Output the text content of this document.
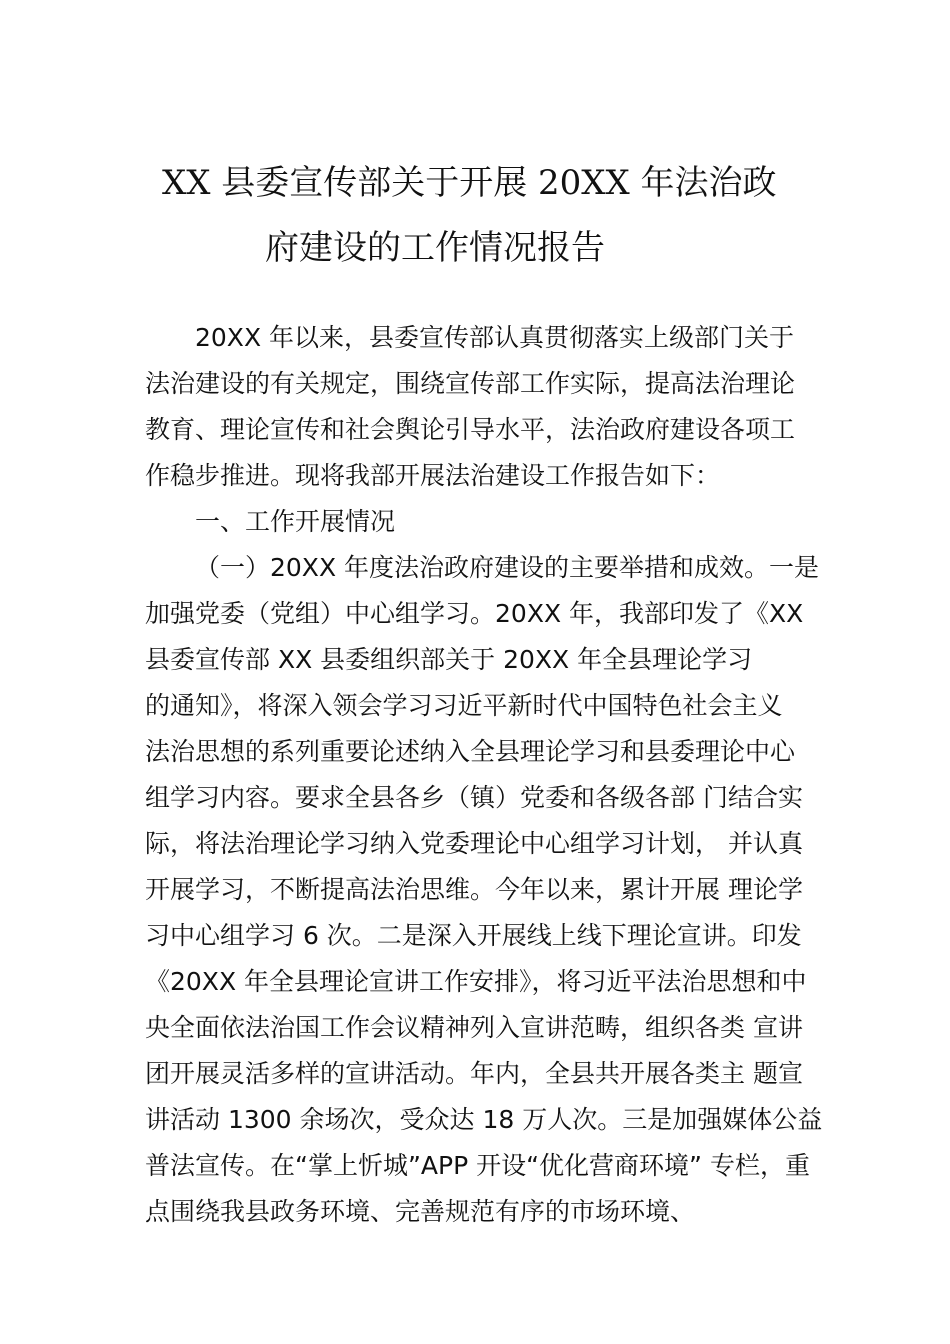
XX 县委宣传部关于开展 20XX 年法治政
府建设的工作情况报告
20XX 年以来，县委宣传部认真贯彻落实上级部门关于
法治建设的有关规定，围绕宣传部工作实际，提高法治理论
教育、理论宣传和社会舆论引导水平，法治政府建设各项工
作稳步推进。现将我部开展法治建设工作报告如下：
一、工作开展情况
（一）20XX 年度法治政府建设的主要举措和成效。一是
加强党委（党组）中心组学习。20XX 年，我部印发了《XX
县委宣传部 XX 县委组织部关于 20XX 年全县理论学习
的通知》，将深入领会学习习近平新时代中国特色社会主义
法治思想的系列重要论述纳入全县理论学习和县委理论中心
组学习内容。要求全县各乡（镇）党委和各级各部 门结合实
际，将法治理论学习纳入党委理论中心组学习计划， 并认真
开展学习，不断提高法治思维。今年以来，累计开展 理论学
习中心组学习 6 次。二是深入开展线上线下理论宣讲。印发
《20XX 年全县理论宣讲工作安排》，将习近平法治思想和中
央全面依法治国工作会议精神列入宣讲范畴，组织各类 宣讲
团开展灵活多样的宣讲活动。年内，全县共开展各类主 题宣
讲活动 1300 余场次，受众达 18 万人次。三是加强媒体公益
普法宣传。在“掌上忻城”APP 开设“优化营商环境” 专栏，重
点围绕我县政务环境、完善规范有序的市场环境、
